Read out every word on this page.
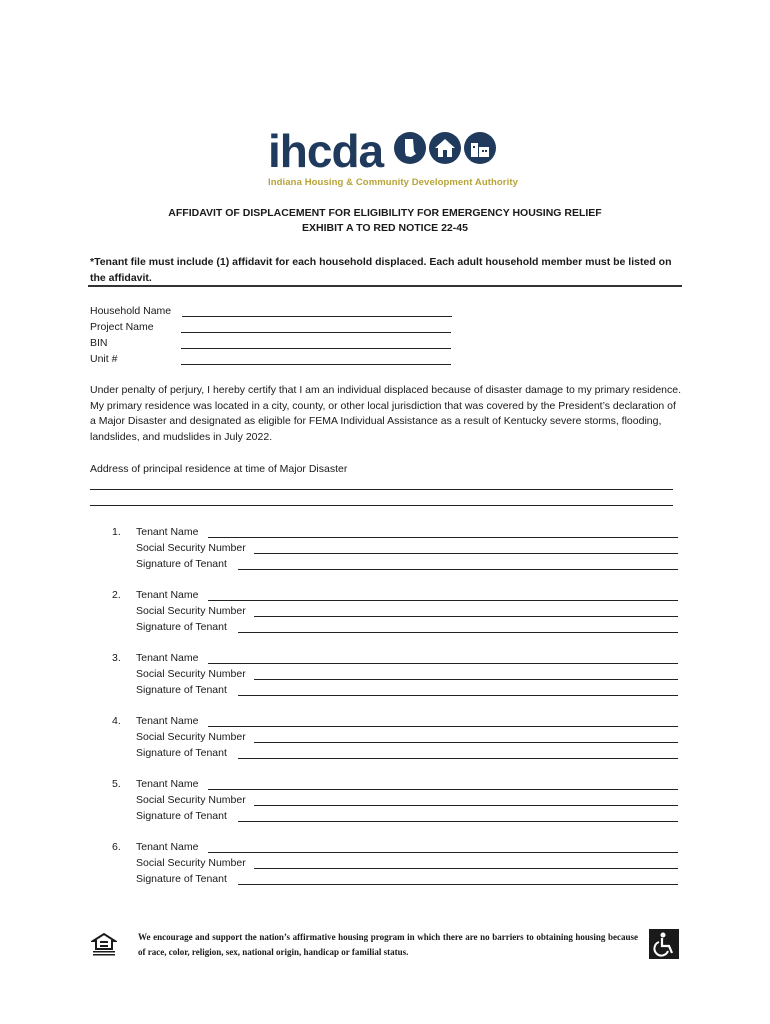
ihcda
Indiana Housing & Community Development Authority
AFFIDAVIT OF DISPLACEMENT FOR ELIGIBILITY FOR EMERGENCY HOUSING RELIEF
EXHIBIT A TO RED NOTICE 22-45
*Tenant file must include (1) affidavit for each household displaced. Each adult household member must be listed on the affidavit.
Household Name
Project Name
BIN
Unit #
Under penalty of perjury, I hereby certify that I am an individual displaced because of disaster damage to my primary residence. My primary residence was located in a city, county, or other local jurisdiction that was covered by the President’s declaration of a Major Disaster and designated as eligible for FEMA Individual Assistance as a result of Kentucky severe storms, flooding, landslides, and mudslides in July 2022.
Address of principal residence at time of Major Disaster
1. Tenant Name
Social Security Number
Signature of Tenant
2. Tenant Name
Social Security Number
Signature of Tenant
3. Tenant Name
Social Security Number
Signature of Tenant
4. Tenant Name
Social Security Number
Signature of Tenant
5. Tenant Name
Social Security Number
Signature of Tenant
6. Tenant Name
Social Security Number
Signature of Tenant
We encourage and support the nation’s affirmative housing program in which there are no barriers to obtaining housing because of race, color, religion, sex, national origin, handicap or familial status.
